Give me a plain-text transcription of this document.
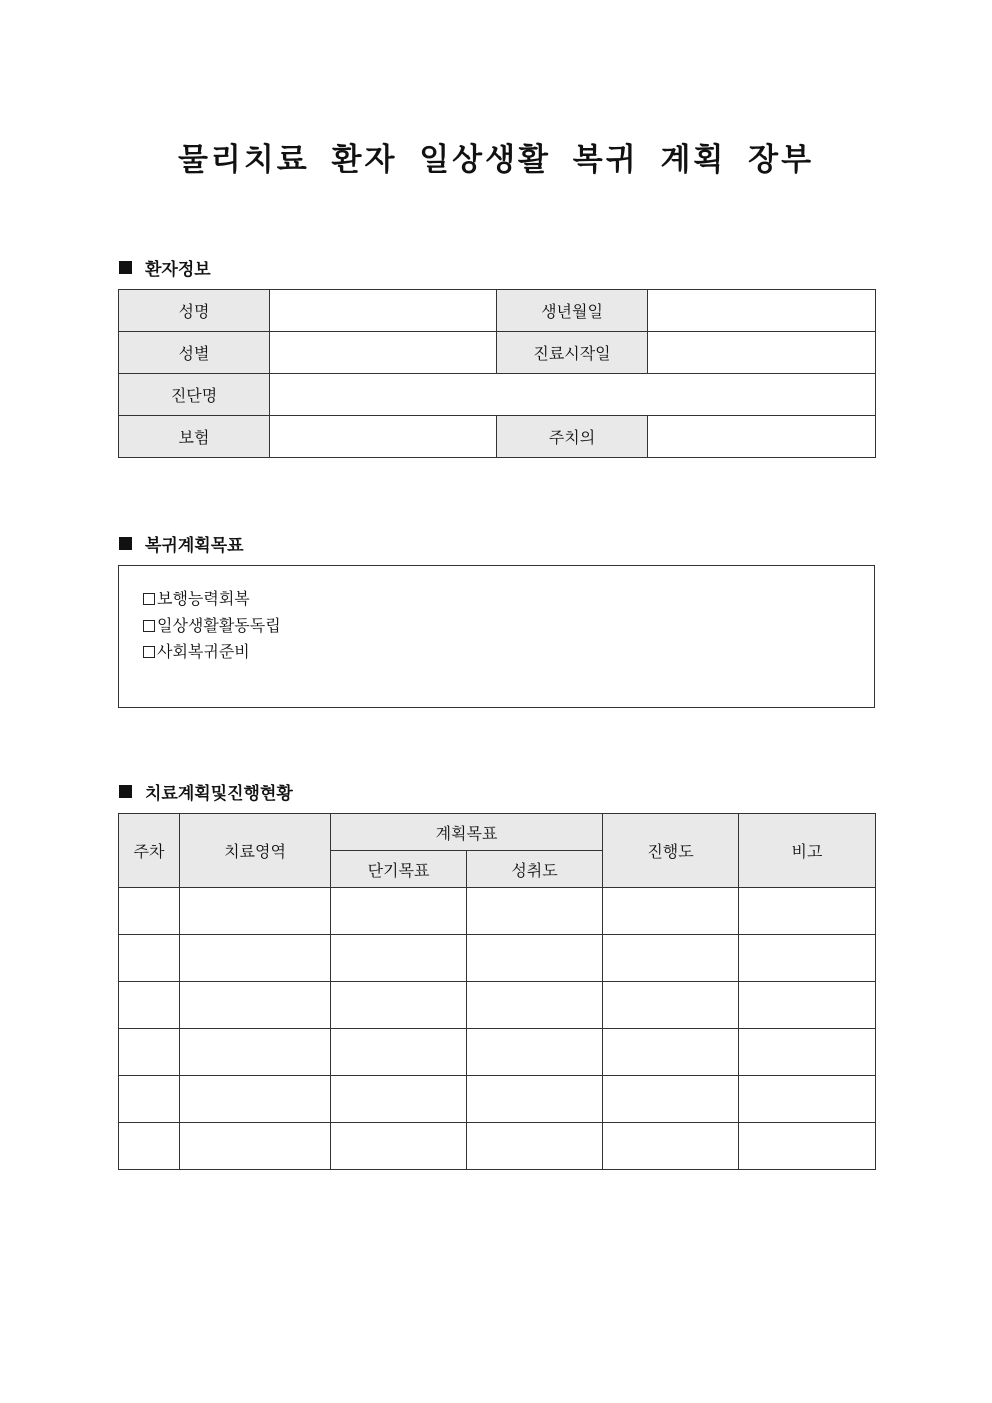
물리치료 환자 일상생활 복귀 계획 장부
환자정보
성명		생년월일	
성별		진료시작일	
진단명			
보험		주치의	
복귀계획목표
보행능력회복
일상생활활동독립
사회복귀준비
치료계획및진행현황
주차	치료영역	계획목표		진행도	비고
		단기목표	성취도		
